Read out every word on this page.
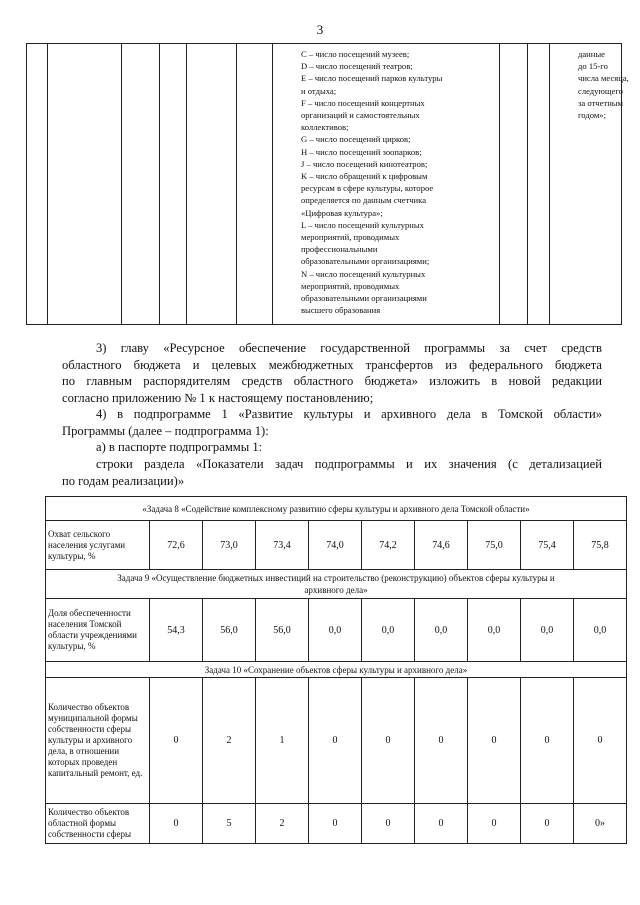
3
C – число посещений музеев;
D – число посещений театров;
E – число посещений парков культуры
и отдыха;
F – число посещений концертных
организаций и самостоятельных
коллективов;
G – число посещений цирков;
H – число посещений зоопарков;
J – число посещений кинотеатров;
K – число обращений к цифровым
ресурсам в сфере культуры, которое
определяется по данным счетчика
«Цифровая культура»;
L – число посещений культурных
мероприятий, проводимых
профессиональными
образовательными организациями;
N – число посещений культурных
мероприятий, проводимых
образовательными организациями
высшего образования
данные
до 15-го
числа месяца,
следующего
за отчетным
годом»;
3) главу «Ресурсное обеспечение государственной программы за счет средств
областного бюджета и целевых межбюджетных трансфертов из федерального бюджета
по главным распорядителям средств областного бюджета» изложить в новой редакции
согласно приложению № 1 к настоящему постановлению;
4) в подпрограмме 1 «Развитие культуры и архивного дела в Томской области»
Программы (далее – подпрограмма 1):
а) в паспорте подпрограммы 1:
строки раздела «Показатели задач подпрограммы и их значения (с детализацией
по годам реализации)»
«Задача 8 «Содействие комплексному развитию сферы культуры и архивного дела Томской области»									
Охват сельского населения услугами культуры, %	72,6	73,0	73,4	74,0	74,2	74,6	75,0	75,4	75,8
Задача 9 «Осуществление бюджетных инвестиций на строительство (реконструкцию) объектов сферы культуры и архивного дела»									
Доля обеспеченности населения Томской области учреждениями культуры, %	54,3	56,0	56,0	0,0	0,0	0,0	0,0	0,0	0,0
Задача 10 «Сохранение объектов сферы культуры и архивного дела»									
Количество объектов муниципальной формы собственности сферы культуры и архивного дела, в отношении которых проведен капитальный ремонт, ед.	0	2	1	0	0	0	0	0	0
Количество объектов областной формы собственности сферы	0	5	2	0	0	0	0	0	0»
